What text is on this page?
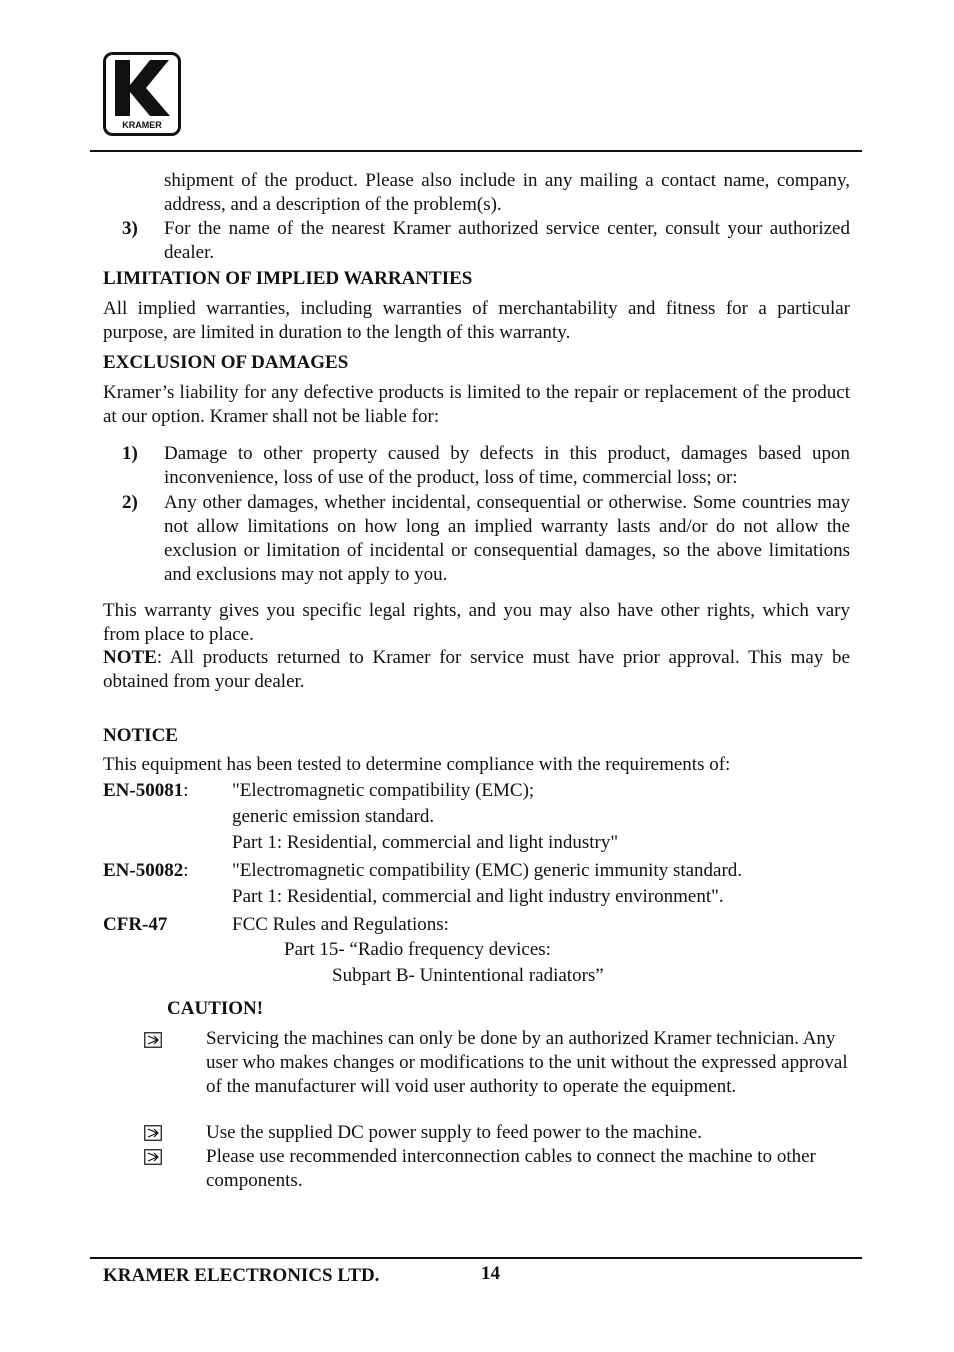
KRAMER
shipment of the product. Please also include in any mailing a contact name, company, address, and a description of the problem(s).
3) For the name of the nearest Kramer authorized service center, consult your authorized dealer.
LIMITATION OF IMPLIED WARRANTIES
All implied warranties, including warranties of merchantability and fitness for a particular purpose, are limited in duration to the length of this warranty.
EXCLUSION OF DAMAGES
Kramer’s liability for any defective products is limited to the repair or replacement of the product at our option. Kramer shall not be liable for:
1) Damage to other property caused by defects in this product, damages based upon inconvenience, loss of use of the product, loss of time, commercial loss; or:
2) Any other damages, whether incidental, consequential or otherwise. Some countries may not allow limitations on how long an implied warranty lasts and/or do not allow the exclusion or limitation of incidental or consequential damages, so the above limitations and exclusions may not apply to you.
This warranty gives you specific legal rights, and you may also have other rights, which vary from place to place.
NOTE: All products returned to Kramer for service must have prior approval. This may be obtained from your dealer.
NOTICE
This equipment has been tested to determine compliance with the requirements of:
EN-50081: "Electromagnetic compatibility (EMC);
generic emission standard.
Part 1: Residential, commercial and light industry"
EN-50082: "Electromagnetic compatibility (EMC) generic immunity standard.
Part 1: Residential, commercial and light industry environment".
CFR-47	FCC Rules and Regulations:
Part 15- “Radio frequency devices:
Subpart B- Unintentional radiators”
CAUTION!
Servicing the machines can only be done by an authorized Kramer technician. Any user who makes changes or modifications to the unit without the expressed approval of the manufacturer will void user authority to operate the equipment.
Use the supplied DC power supply to feed power to the machine.
Please use recommended interconnection cables to connect the machine to other components.
KRAMER ELECTRONICS LTD.	14
